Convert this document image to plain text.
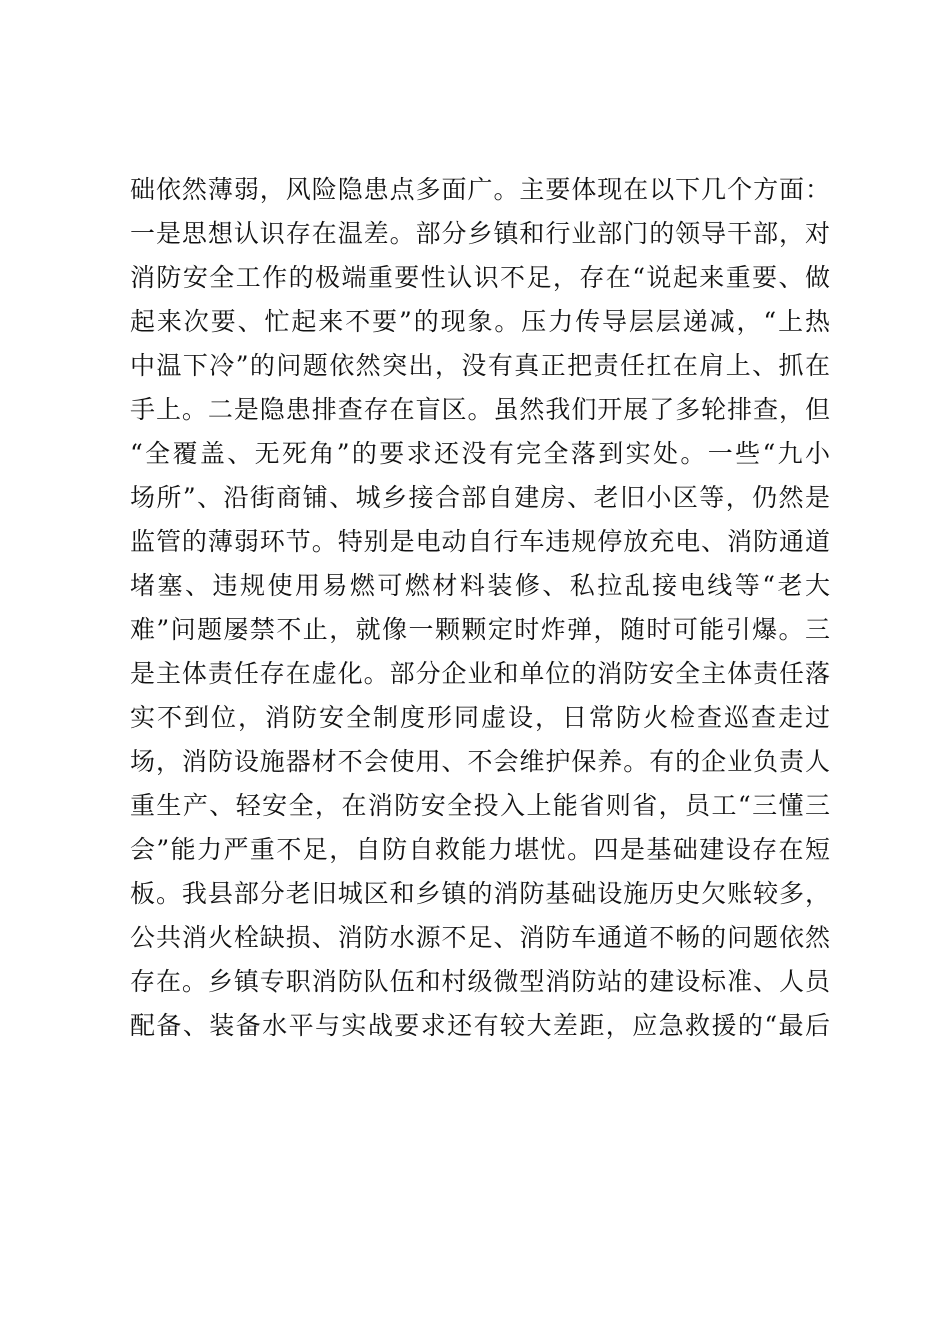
础依然薄弱，风险隐患点多面广。主要体现在以下几个方面：
一是思想认识存在温差。部分乡镇和行业部门的领导干部，对
消防安全工作的极端重要性认识不足，存在“说起来重要、做
起来次要、忙起来不要”的现象。压力传导层层递减，“上热
中温下冷”的问题依然突出，没有真正把责任扛在肩上、抓在
手上。二是隐患排查存在盲区。虽然我们开展了多轮排查，但
“全覆盖、无死角”的要求还没有完全落到实处。一些“九小
场所”、沿街商铺、城乡接合部自建房、老旧小区等，仍然是
监管的薄弱环节。特别是电动自行车违规停放充电、消防通道
堵塞、违规使用易燃可燃材料装修、私拉乱接电线等“老大
难”问题屡禁不止，就像一颗颗定时炸弹，随时可能引爆。三
是主体责任存在虚化。部分企业和单位的消防安全主体责任落
实不到位，消防安全制度形同虚设，日常防火检查巡查走过
场，消防设施器材不会使用、不会维护保养。有的企业负责人
重生产、轻安全，在消防安全投入上能省则省，员工“三懂三
会”能力严重不足，自防自救能力堪忧。四是基础建设存在短
板。我县部分老旧城区和乡镇的消防基础设施历史欠账较多，
公共消火栓缺损、消防水源不足、消防车通道不畅的问题依然
存在。乡镇专职消防队伍和村级微型消防站的建设标准、人员
配备、装备水平与实战要求还有较大差距，应急救援的“最后
